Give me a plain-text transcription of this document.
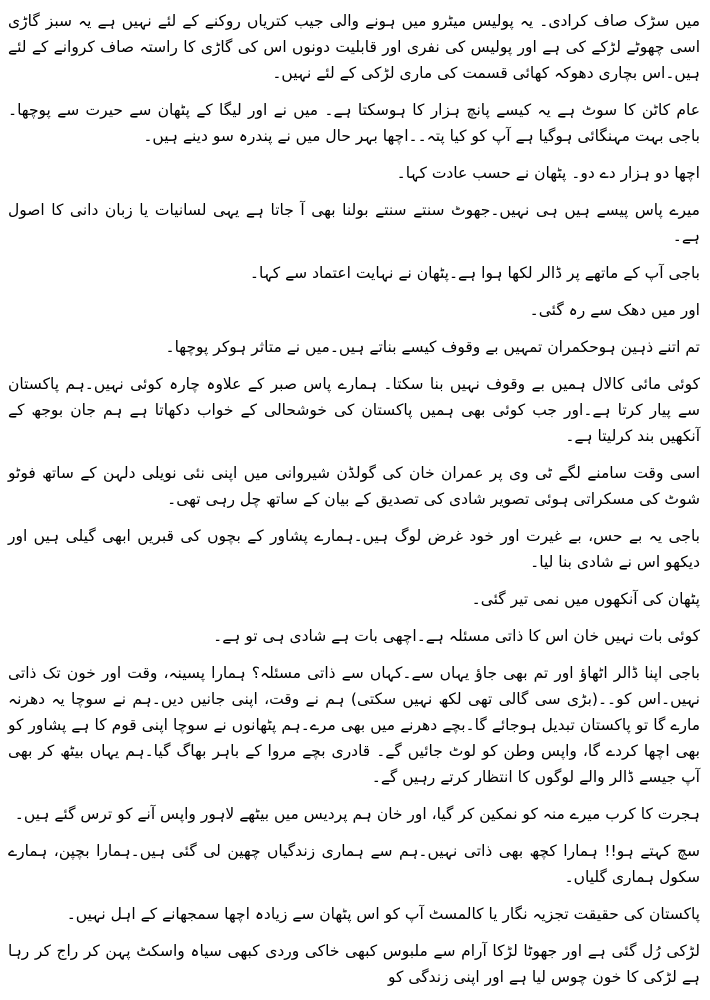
میں سڑک صاف کرادی۔ یہ پولیس میٹرو میں ہونے والی جیب کتریاں روکنے کے لئے نہیں ہے یہ سبز گاڑی اسی چھوٹے لڑکے کی ہے اور پولیس کی نفری اور قابلیت دونوں اس کی گاڑی کا راستہ صاف کروانے کے لئے ہیں۔اس بچاری دھوکہ کھائی قسمت کی ماری لڑکی کے لئے نہیں۔

عام کاٹن کا سوٹ ہے یہ کیسے پانچ ہزار کا ہوسکتا ہے۔ میں نے اور لیگا کے پٹھان سے حیرت سے پوچھا۔باجی بہت مہنگائی ہوگیا ہے آپ کو کیا پتہ۔۔اچھا بہر حال میں نے پندرہ سو دینے ہیں۔

اچھا دو ہزار دے دو۔ پٹھان نے حسب عادت کہا۔

میرے پاس پیسے ہیں ہی نہیں۔جھوٹ سنتے سنتے بولنا بھی آ جاتا ہے یہی لسانیات یا زبان دانی کا اصول ہے۔

باجی آپ کے ماتھے پر ڈالر لکھا ہوا ہے۔پٹھان نے نہایت اعتماد سے کہا۔

اور میں دھک سے رہ گئی۔

تم اتنے ذہین ہوحکمران تمہیں بے وقوف کیسے بناتے ہیں۔میں نے متاثر ہوکر پوچھا۔

کوئی مائی کالال ہمیں بے وقوف نہیں بنا سکتا۔ ہمارے پاس صبر کے علاوہ چارہ کوئی نہیں۔ہم پاکستان سے پیار کرتا ہے۔اور جب کوئی بھی ہمیں پاکستان کی خوشحالی کے خواب دکھاتا ہے ہم جان بوجھ کے آنکھیں بند کرلیتا ہے۔

اسی وقت سامنے لگے ٹی وی پر عمران خان کی گولڈن شیروانی میں اپنی نئی نویلی دلہن کے ساتھ فوٹو شوٹ کی مسکراتی ہوئی تصویر شادی کی تصدیق کے بیان کے ساتھ چل رہی تھی۔

باجی یہ بے حس، بے غیرت اور خود غرض لوگ ہیں۔ہمارے پشاور کے بچوں کی قبریں ابھی گیلی ہیں اور دیکھو اس نے شادی بنا لیا۔

پٹھان کی آنکھوں میں نمی تیر گئی۔

کوئی بات نہیں خان اس کا ذاتی مسئلہ ہے۔اچھی بات ہے شادی ہی تو ہے۔

باجی اپنا ڈالر اٹھاؤ اور تم بھی جاؤ یہاں سے۔کہاں سے ذاتی مسئلہ؟ ہمارا پسینہ، وقت اور خون تک ذاتی نہیں۔اس کو۔۔(بڑی سی گالی تھی لکھ نہیں سکتی) ہم نے وقت، اپنی جانیں دیں۔ہم نے سوچا یہ دھرنہ مارے گا تو پاکستان تبدیل ہوجائے گا۔بچے دھرنے میں بھی مرے۔ہم پٹھانوں نے سوچا اپنی قوم کا ہے پشاور کو بھی اچھا کردے گا، واپس وطن کو لوٹ جائیں گے۔ قادری بچے مروا کے باہر بھاگ گیا۔ہم یہاں بیٹھ کر بھی آپ جیسے ڈالر والے لوگوں کا انتظار کرتے رہیں گے۔

ہجرت کا کرب میرے منہ کو نمکین کر گیا، اور خان ہم پردیس میں بیٹھے لاہور واپس آنے کو ترس گئے ہیں۔

سچ کہتے ہو!! ہمارا کچھ بھی ذاتی نہیں۔ہم سے ہماری زندگیاں چھین لی گئی ہیں۔ہمارا بچپن، ہمارے سکول ہماری گلیاں۔

پاکستان کی حقیقت تجزیہ نگار یا کالمسٹ آپ کو اس پٹھان سے زیادہ اچھا سمجھانے کے اہل نہیں۔

لڑکی رُل گئی ہے اور جھوٹا لڑکا آرام سے ملبوس کبھی خاکی وردی کبھی سیاہ واسکٹ پہن کر راج کر رہا ہے لڑکی کا خون چوس لیا ہے اور اپنی زندگی کو
